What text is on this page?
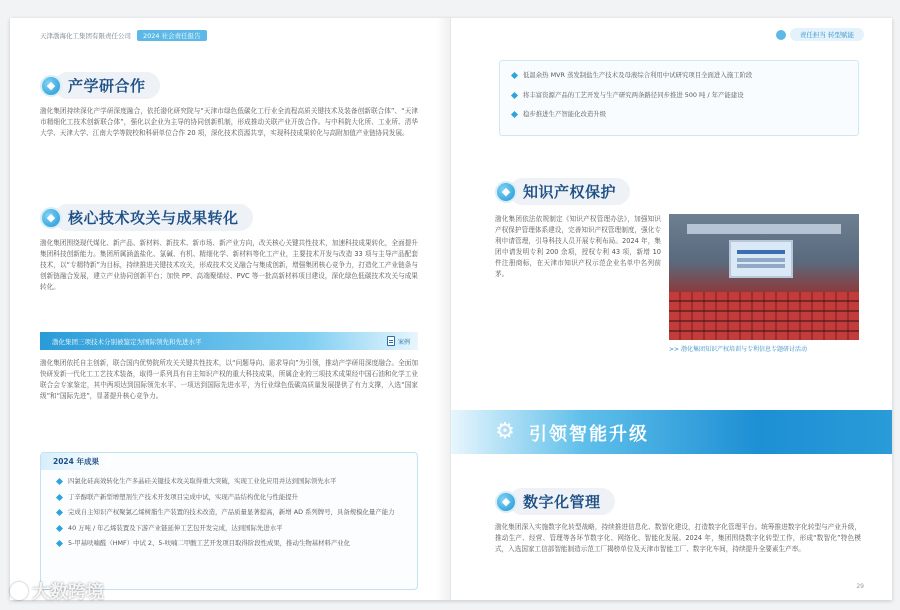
天津渤海化工集团有限责任公司	2024 社会责任报告
◆ 产学研合作

渤化集团持续深化产学研深度融合，依托渤化研究院与“天津市绿色低碳化工行业全流程高质关键技术及装备创新联合体”、“天津市精细化工技术创新联合体”，强化以企业为主导的协同创新机制，形成推动关联产业开放合作。与中科院大化所、工业所、清华大学、天津大学、江南大学等院校和科研单位合作 20 项，深化技术资源共享，实现科技成果转化与高附加值产业链协同发展。

◆ 核心技术攻关与成果转化

渤化集团围绕现代煤化、新产品、新材料、新技术、新市场、新产业方向，改关核心关键共性技术，加速科技成果转化，全面提升集团科技创新能力。集团所属涵盖盐化、氯碱、有机、精细化学、新材料等化工产业，主要技术开发与改造 33 项与主导产品配套技术，以“专精特新”为目标，持续推进关键技术攻关，形成技术交叉融合与集成创新，增强集团核心竞争力，打造化工产业链条与创新链融合发展，建立产业协同创新平台；加快 PP、高端聚烯烃、PVC 等一批高新材料项目建设，深化绿色低碳技术攻关与成果转化。

渤化集团三项技术分别被鉴定为国际领先和先进水平	案例

渤化集团依托自主创新，联合国内优势院所攻关关键共性技术，以“问题导向、需求导向”为引领，推动产学研用深度融合。全面加快研发新一代化工工艺技术装备，取得一系列具有自主知识产权的重大科技成果，所属企业的三项技术成果经中国石油和化学工业联合会专家鉴定，其中两项达到国际领先水平、一项达到国际先进水平，为行业绿色低碳高质量发展提供了有力支撑，入选“国家级”和“国际先进”，显著提升核心竞争力。

2024 年成果
四氯化硅高效转化生产多晶硅关键技术攻关取得重大突破，实现工业化应用并达到国际领先水平
丁辛醇联产新型增塑剂生产技术开发项目完成中试，实现产品结构优化与性能提升
完成自主知识产权聚氯乙烯树脂生产装置的技术改造，产品质量显著提高，新增 AD 系列牌号，具备规模化量产能力
40 万吨 / 年乙烯装置及下游产业链延伸工艺包开发完成，达到国际先进水平
5-甲基呋喃醛（HMF）中试 2、5-呋喃二甲酸工艺开发项目取得阶段性成果，推动生物基材料产业化
责任担当 转型赋能
低温余热 MVR 蒸发制盐生产技术及母液综合利用中试研究项目全面进入施工阶段
将丰富资源产品的工艺开发与生产研究两条路径同步推进 500 吨 / 年产能建设
稳步推进生产智能化改造升级
◆ 知识产权保护

渤化集团依法依规制定《知识产权管理办法》，加强知识产权保护管理体系建设，完善知识产权管理制度，强化专利申请管理，引导科技人员开展专利布局。2024 年，集团申请发明专利 200 余项，授权专利 43 项，新增 10 件注册商标，在天津市知识产权示范企业名单中名列前茅。

>> 渤化集团知识产权培训与专利信息专题研讨活动
⚙ 引领智能升级
◆ 数字化管理

渤化集团深入实施数字化转型战略，持续推进信息化、数智化建设，打造数字化管理平台。统筹推进数字化转型与产业升级，推动生产、经营、管理等各环节数字化、网络化、智能化发展。2024 年，集团围绕数字化转型工作，形成“数智化”特色模式，入选国家工信部智能制造示范工厂揭榜单位及天津市智能工厂、数字化车间，持续提升全要素生产率。

29
大数跨境
